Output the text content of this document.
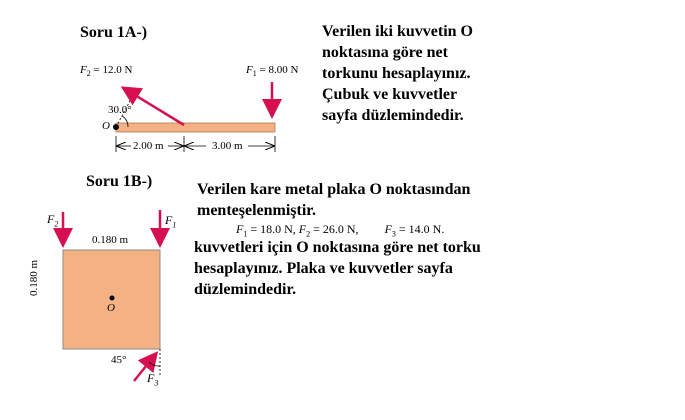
Soru 1A-)	Verilen iki kuvvetin O
noktasına göre net
torkunu hesaplayınız.
Çubuk ve kuvvetler
sayfa düzlemindedir.
$F_2 = 12.0$ N	$F_1 = 8.00$ N
30.0°
O
2.00 m	3.00 m
Soru 1B-)	Verilen kare metal plaka O noktasından
menteşelenmiştir.
$F_1 = 18.0$ N, $F_2 = 26.0$ N, $F_3 = 14.0$ N.
kuvvetleri için O noktasına göre net torku
hesaplayınız. Plaka ve kuvvetler sayfa
düzlemindedir.
$F_2$	$F_1$
0.180 m
0.180 m
O
45°
$F_3$
